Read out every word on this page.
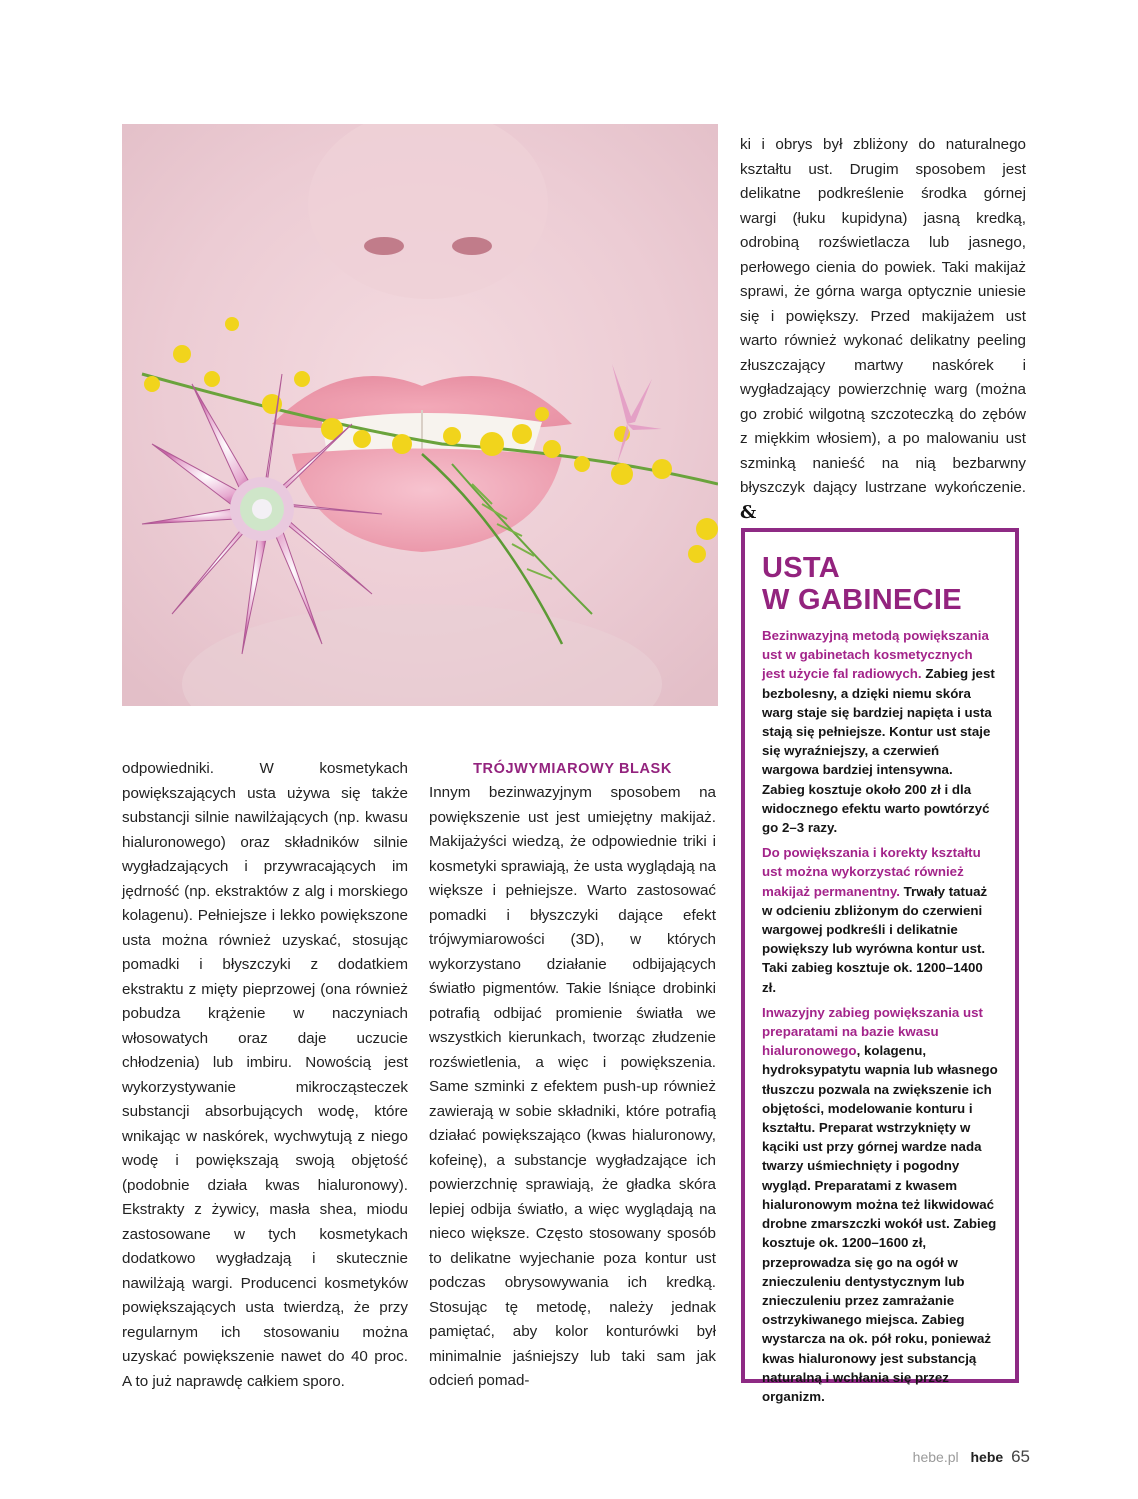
odpowiedniki. W kosmetykach powiększających usta używa się także substancji silnie nawilżających (np. kwasu hialuronowego) oraz składników silnie wygładzających i przywracających im jędrność (np. ekstraktów z alg i morskiego kolagenu). Pełniejsze i lekko powiększone usta można również uzyskać, stosując pomadki i błyszczyki z dodatkiem ekstraktu z mięty pieprzowej (ona również pobudza krążenie w naczyniach włosowatych oraz daje uczucie chłodzenia) lub imbiru. Nowością jest wykorzystywanie mikrocząsteczek substancji absorbujących wodę, które wnikając w naskórek, wychwytują z niego wodę i powiększają swoją objętość (podobnie działa kwas hialuronowy). Ekstrakty z żywicy, masła shea, miodu zastosowane w tych kosmetykach dodatkowo wygładzają i skutecznie nawilżają wargi. Producenci kosmetyków powiększających usta twierdzą, że przy regularnym ich stosowaniu można uzyskać powiększenie nawet do 40 proc. A to już naprawdę całkiem sporo.

TRÓJWYMIAROWY BLASK

Innym bezinwazyjnym sposobem na powiększenie ust jest umiejętny makijaż. Makijażyści wiedzą, że odpowiednie triki i kosmetyki sprawiają, że usta wyglądają na większe i pełniejsze. Warto zastosować pomadki i błyszczyki dające efekt trójwymiarowości (3D), w których wykorzystano działanie odbijających światło pigmentów. Takie lśniące drobinki potrafią odbijać promienie światła we wszystkich kierunkach, tworząc złudzenie rozświetlenia, a więc i powiększenia. Same szminki z efektem push-up również zawierają w sobie składniki, które potrafią działać powiększająco (kwas hialuronowy, kofeinę), a substancje wygładzające ich powierzchnię sprawiają, że gładka skóra lepiej odbija światło, a więc wyglądają na nieco większe. Często stosowany sposób to delikatne wyjechanie poza kontur ust podczas obrysowywania ich kredką. Stosując tę metodę, należy jednak pamiętać, aby kolor konturówki był minimalnie jaśniejszy lub taki sam jak odcień pomad-

ki i obrys był zbliżony do naturalnego kształtu ust. Drugim sposobem jest delikatne podkreślenie środka górnej wargi (łuku kupidyna) jasną kredką, odrobiną rozświetlacza lub jasnego, perłowego cienia do powiek. Taki makijaż sprawi, że górna warga optycznie uniesie się i powiększy. Przed makijażem ust warto również wykonać delikatny peeling złuszczający martwy naskórek i wygładzający powierzchnię warg (można go zrobić wilgotną szczoteczką do zębów z miękkim włosiem), a po malowaniu ust szminką nanieść na nią bezbarwny błyszczyk dający lustrzane wykończenie. &

USTA
W GABINECIE

Bezinwazyjną metodą powiększania ust w gabinetach kosmetycznych jest użycie fal radiowych. Zabieg jest bezbolesny, a dzięki niemu skóra warg staje się bardziej napięta i usta stają się pełniejsze. Kontur ust staje się wyraźniejszy, a czerwień wargowa bardziej intensywna. Zabieg kosztuje około 200 zł i dla widocznego efektu warto powtórzyć go 2–3 razy.

Do powiększania i korekty kształtu ust można wykorzystać również makijaż permanentny. Trwały tatuaż w odcieniu zbliżonym do czerwieni wargowej podkreśli i delikatnie powiększy lub wyrówna kontur ust. Taki zabieg kosztuje ok. 1200–1400 zł.

Inwazyjny zabieg powiększania ust preparatami na bazie kwasu hialuronowego, kolagenu, hydroksypatytu wapnia lub własnego tłuszczu pozwala na zwiększenie ich objętości, modelowanie konturu i kształtu. Preparat wstrzyknięty w kąciki ust przy górnej wardze nada twarzy uśmiechnięty i pogodny wygląd. Preparatami z kwasem hialuronowym można też likwidować drobne zmarszczki wokół ust. Zabieg kosztuje ok. 1200–1600 zł, przeprowadza się go na ogół w znieczuleniu dentystycznym lub znieczuleniu przez zamrażanie ostrzykiwanego miejsca. Zabieg wystarcza na ok. pół roku, ponieważ kwas hialuronowy jest substancją naturalną i wchłania się przez organizm.

hebe.pl hebe 65
